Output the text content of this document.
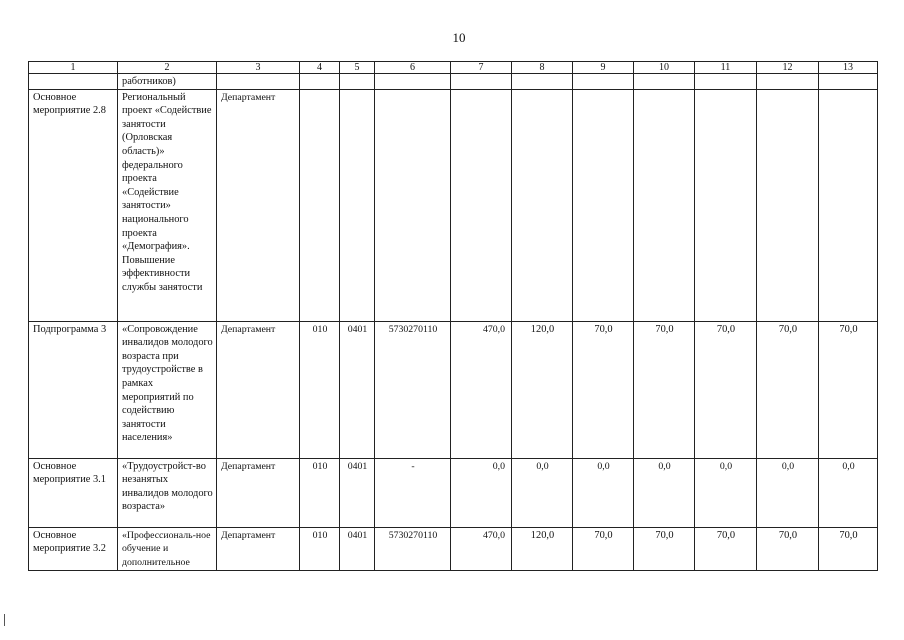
10
1	2	3	4	5	6	7	8	9	10	11	12	13
	работников)											
Основное мероприятие 2.8	Региональный проект «Содействие занятости (Орловская область)» федерального проекта «Содействие занятости» национального проекта «Демография». Повышение эффективности службы занятости	Департамент										
Подпрограмма 3	«Сопровождение инвалидов молодого возраста при трудоустройстве в рамках мероприятий по содействию занятости населения»	Департамент	010	0401	5730270110	470,0	120,0	70,0	70,0	70,0	70,0	70,0
Основное мероприятие 3.1	«Трудоустройст-во незанятых инвалидов молодого возраста»	Департамент	010	0401	-	0,0	0,0	0,0	0,0	0,0	0,0	0,0
Основное мероприятие 3.2	«Профессиональ-ное обучение и дополнительное	Департамент	010	0401	5730270110	470,0	120,0	70,0	70,0	70,0	70,0	70,0
